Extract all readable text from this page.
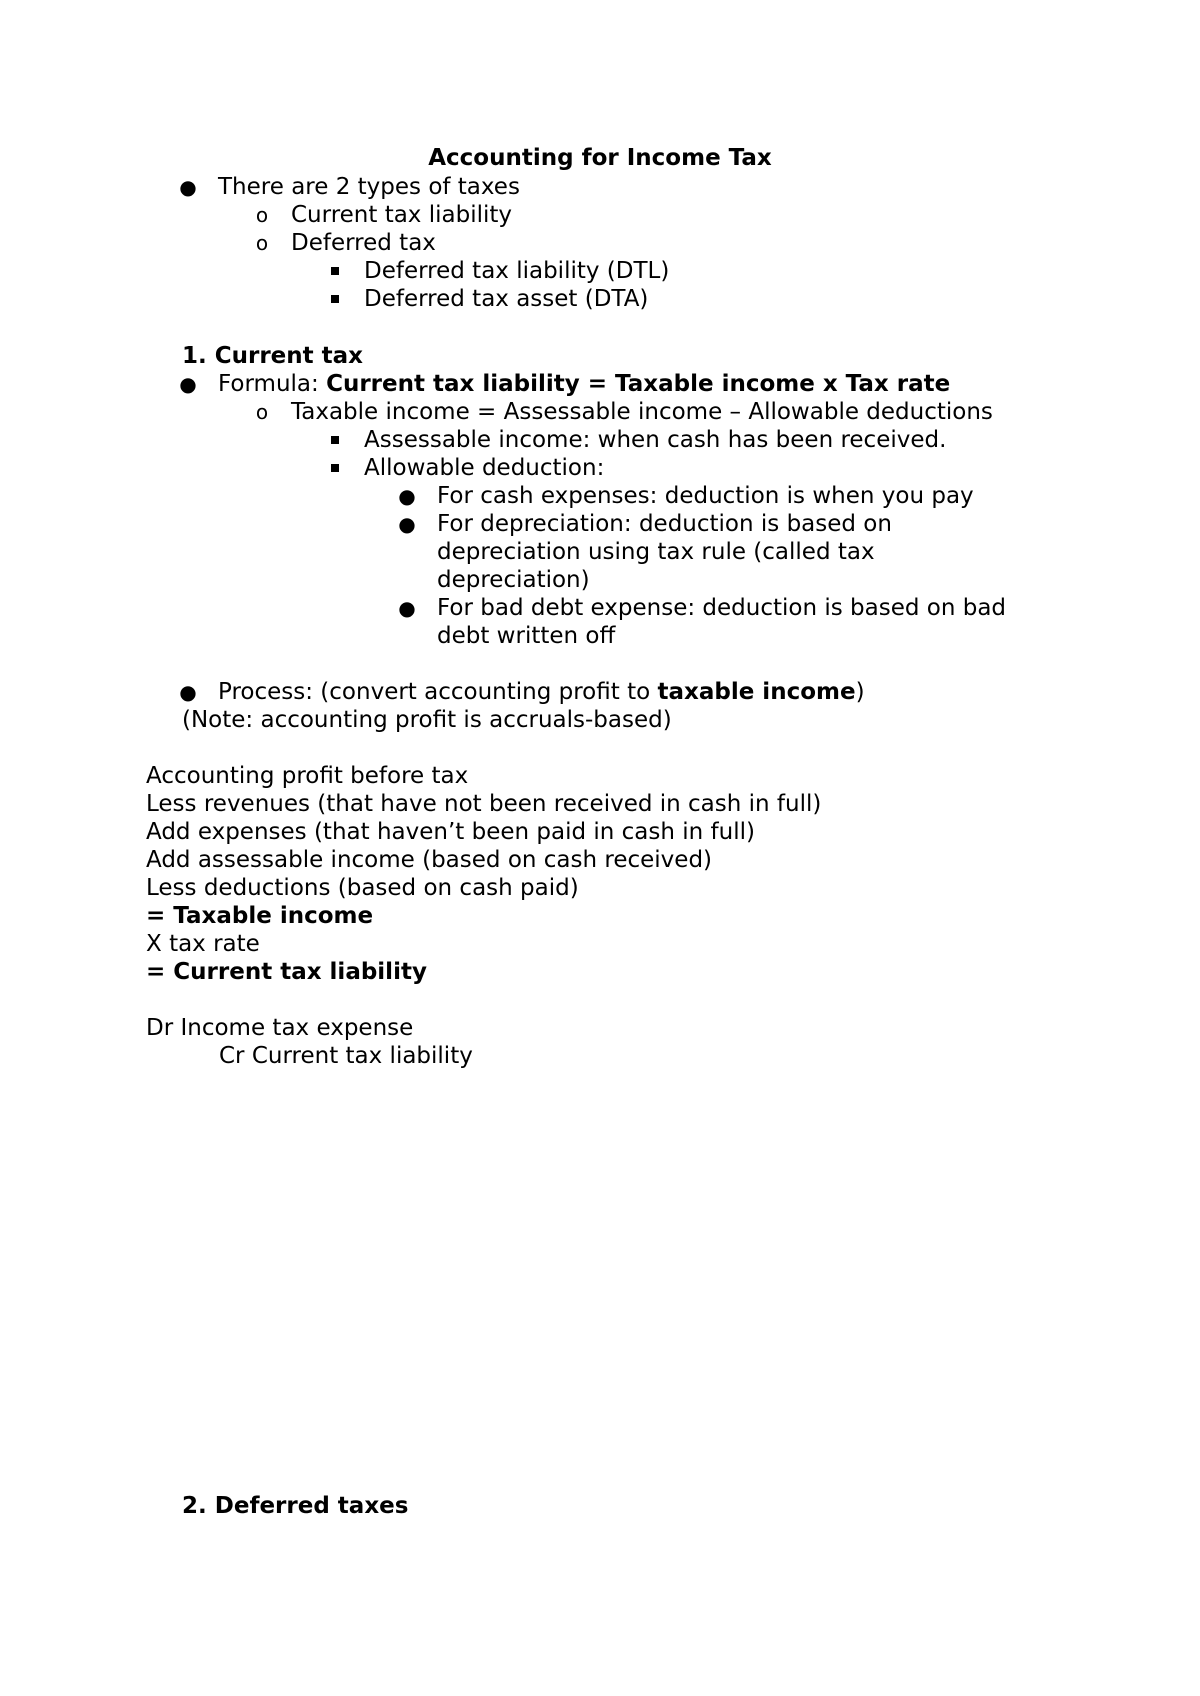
Accounting for Income Tax
● There are 2 types of taxes
o Current tax liability
o Deferred tax
Deferred tax liability (DTL)
Deferred tax asset (DTA)
1. Current tax
● Formula: Current tax liability = Taxable income x Tax rate
o Taxable income = Assessable income – Allowable deductions
Assessable income: when cash has been received.
Allowable deduction:
● For cash expenses: deduction is when you pay
● For depreciation: deduction is based on
depreciation using tax rule (called tax
depreciation)
● For bad debt expense: deduction is based on bad
debt written off
● Process: (convert accounting profit to taxable income)
(Note: accounting profit is accruals-based)
Accounting profit before tax
Less revenues (that have not been received in cash in full)
Add expenses (that haven’t been paid in cash in full)
Add assessable income (based on cash received)
Less deductions (based on cash paid)
= Taxable income
X tax rate
= Current tax liability
Dr Income tax expense
Cr Current tax liability
2. Deferred taxes
